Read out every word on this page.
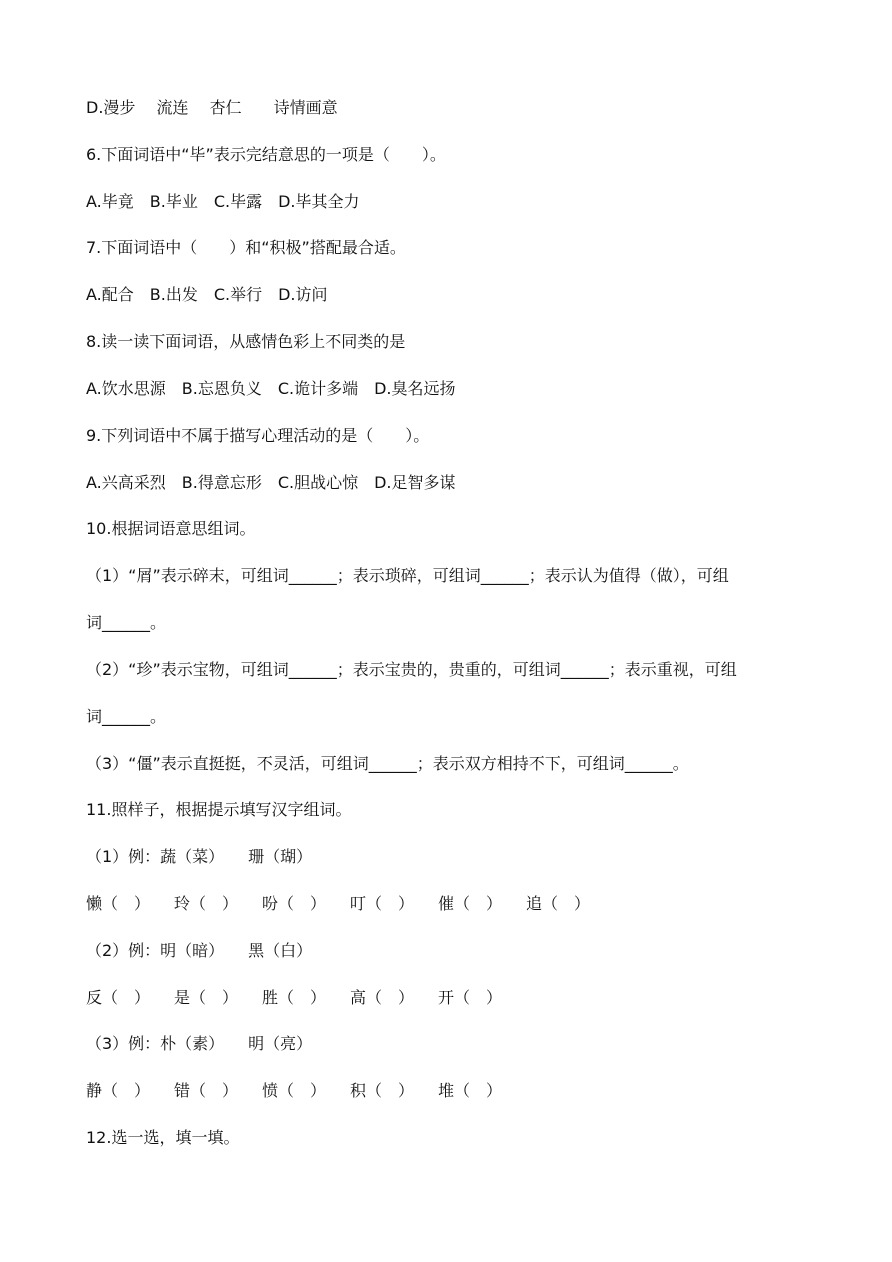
D.漫步　 流连　 杏仁　　诗情画意
6.下面词语中“毕”表示完结意思的一项是（　　）。
A.毕竟　B.毕业　C.毕露　D.毕其全力
7.下面词语中（　　）和“积极”搭配最合适。
A.配合　B.出发　C.举行　D.访问
8.读一读下面词语，从感情色彩上不同类的是
A.饮水思源　B.忘恩负义　C.诡计多端　D.臭名远扬
9.下列词语中不属于描写心理活动的是（　　）。
A.兴高采烈　B.得意忘形　C.胆战心惊　D.足智多谋
10.根据词语意思组词。
（1）“屑”表示碎末，可组词______；表示琐碎，可组词______；表示认为值得（做），可组
词______。
（2）“珍”表示宝物，可组词______；表示宝贵的，贵重的，可组词______；表示重视，可组
词______。
（3）“僵”表示直挺挺，不灵活，可组词______；表示双方相持不下，可组词______。
11.照样子，根据提示填写汉字组词。
（1）例：蔬（菜）　　珊（瑚）
懒（　）　　玲（　）　　吩（　）　　叮（　）　　催（　）　　追（　）
（2）例：明（暗）　　黑（白）
反（　）　　是（　）　　胜（　）　　高（　）　　开（　）
（3）例：朴（素）　　明（亮）
静（　）　　错（　）　　愤（　）　　积（　）　　堆（　）
12.选一选，填一填。
